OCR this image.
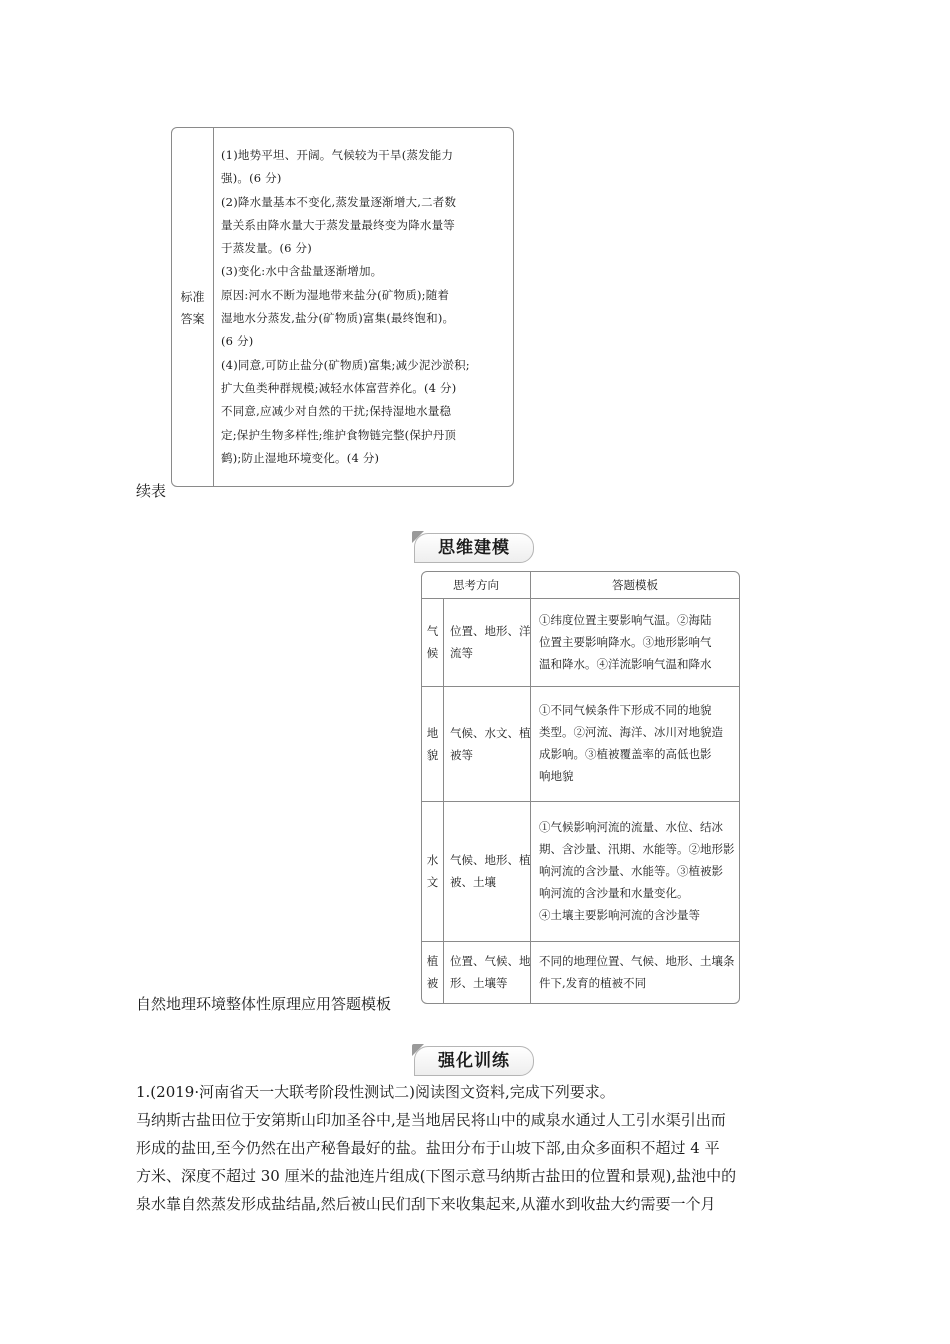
标准
答案
(1)地势平坦、开阔。气候较为干旱(蒸发能力
强)。(6 分)
(2)降水量基本不变化,蒸发量逐渐增大,二者数
量关系由降水量大于蒸发量最终变为降水量等
于蒸发量。(6 分)
(3)变化:水中含盐量逐渐增加。
原因:河水不断为湿地带来盐分(矿物质);随着
湿地水分蒸发,盐分(矿物质)富集(最终饱和)。
(6 分)
(4)同意,可防止盐分(矿物质)富集;减少泥沙淤积;
扩大鱼类种群规模;减轻水体富营养化。(4 分)
不同意,应减少对自然的干扰;保持湿地水量稳
定;保护生物多样性;维护食物链完整(保护丹顶
鹤);防止湿地环境变化。(4 分)
续表
思维建模
思考方向	答题模板
气
候
位置、地形、洋
流等
①纬度位置主要影响气温。②海陆
位置主要影响降水。③地形影响气
温和降水。④洋流影响气温和降水
地
貌
气候、水文、植
被等
①不同气候条件下形成不同的地貌
类型。②河流、海洋、冰川对地貌造
成影响。③植被覆盖率的高低也影
响地貌
水
文
气候、地形、植
被、土壤
①气候影响河流的流量、水位、结冰
期、含沙量、汛期、水能等。②地形影
响河流的含沙量、水能等。③植被影
响河流的含沙量和水量变化。
④土壤主要影响河流的含沙量等
植
被
位置、气候、地
形、土壤等
不同的地理位置、气候、地形、土壤条
件下,发育的植被不同
自然地理环境整体性原理应用答题模板
强化训练
1.(2019·河南省天一大联考阶段性测试二)阅读图文资料,完成下列要求。
马纳斯古盐田位于安第斯山印加圣谷中,是当地居民将山中的咸泉水通过人工引水渠引出而
形成的盐田,至今仍然在出产秘鲁最好的盐。盐田分布于山坡下部,由众多面积不超过 4 平
方米、深度不超过 30 厘米的盐池连片组成(下图示意马纳斯古盐田的位置和景观),盐池中的
泉水靠自然蒸发形成盐结晶,然后被山民们刮下来收集起来,从灌水到收盐大约需要一个月
